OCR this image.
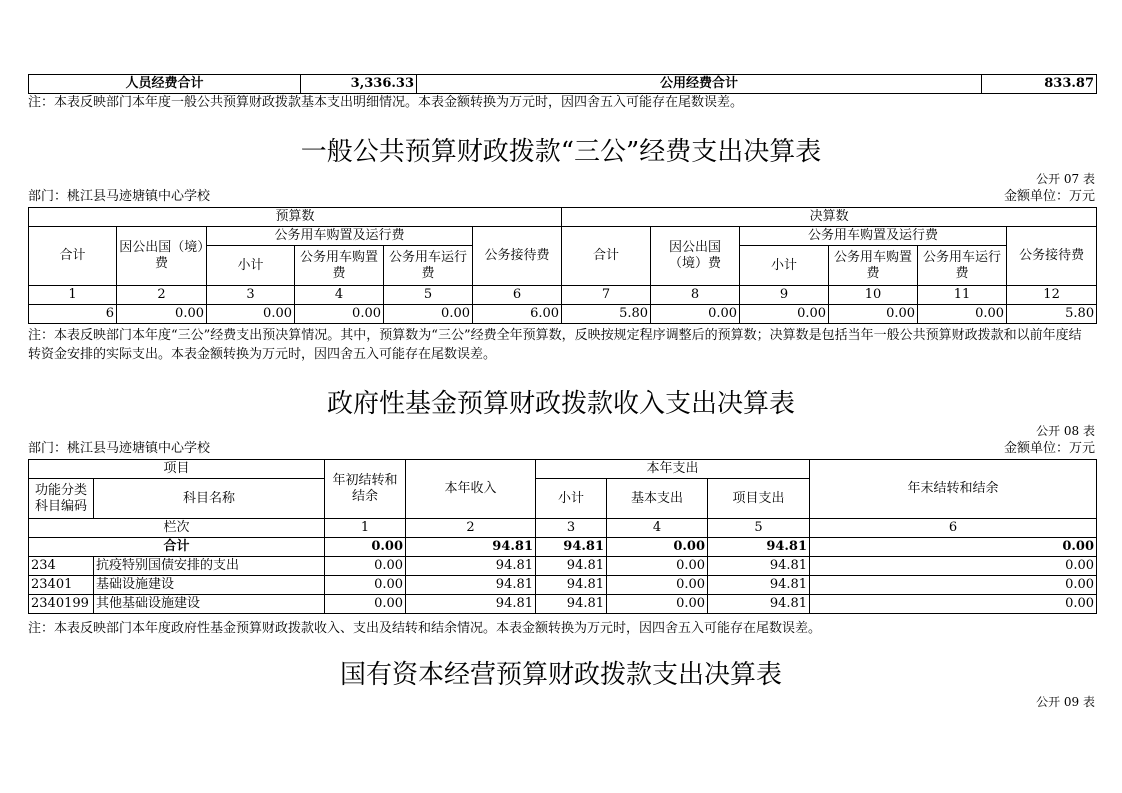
人员经费合计	3,336.33	公用经费合计	833.87
注：本表反映部门本年度一般公共预算财政拨款基本支出明细情况。本表金额转换为万元时，因四舍五入可能存在尾数误差。
一般公共预算财政拨款“三公”经费支出决算表
公开 07 表
部门：桃江县马迹塘镇中心学校	金额单位：万元
预算数						决算数					
合计	因公出国（境）费	公务用车购置及运行费			公务接待费	合计	因公出国（境）费	公务用车购置及运行费			公务接待费
		小计	公务用车购置费	公务用车运行费				小计	公务用车购置费	公务用车运行费	
1	2	3	4	5	6	7	8	9	10	11	12
6	0.00	0.00	0.00	0.00	6.00	5.80	0.00	0.00	0.00	0.00	5.80
注：本表反映部门本年度“三公”经费支出预决算情况。其中，预算数为“三公”经费全年预算数，反映按规定程序调整后的预算数；决算数是包括当年一般公共预算财政拨款和以前年度结转资金安排的实际支出。本表金额转换为万元时，因四舍五入可能存在尾数误差。
政府性基金预算财政拨款收入支出决算表
公开 08 表
部门：桃江县马迹塘镇中心学校	金额单位：万元
项目		年初结转和结余	本年收入	本年支出			年末结转和结余
功能分类科目编码	科目名称			小计	基本支出	项目支出	
栏次		1	2	3	4	5	6
合计		0.00	94.81	94.81	0.00	94.81	0.00
234	抗疫特别国债安排的支出	0.00	94.81	94.81	0.00	94.81	0.00
23401	基础设施建设	0.00	94.81	94.81	0.00	94.81	0.00
2340199	其他基础设施建设	0.00	94.81	94.81	0.00	94.81	0.00
注：本表反映部门本年度政府性基金预算财政拨款收入、支出及结转和结余情况。本表金额转换为万元时，因四舍五入可能存在尾数误差。
国有资本经营预算财政拨款支出决算表
公开 09 表
